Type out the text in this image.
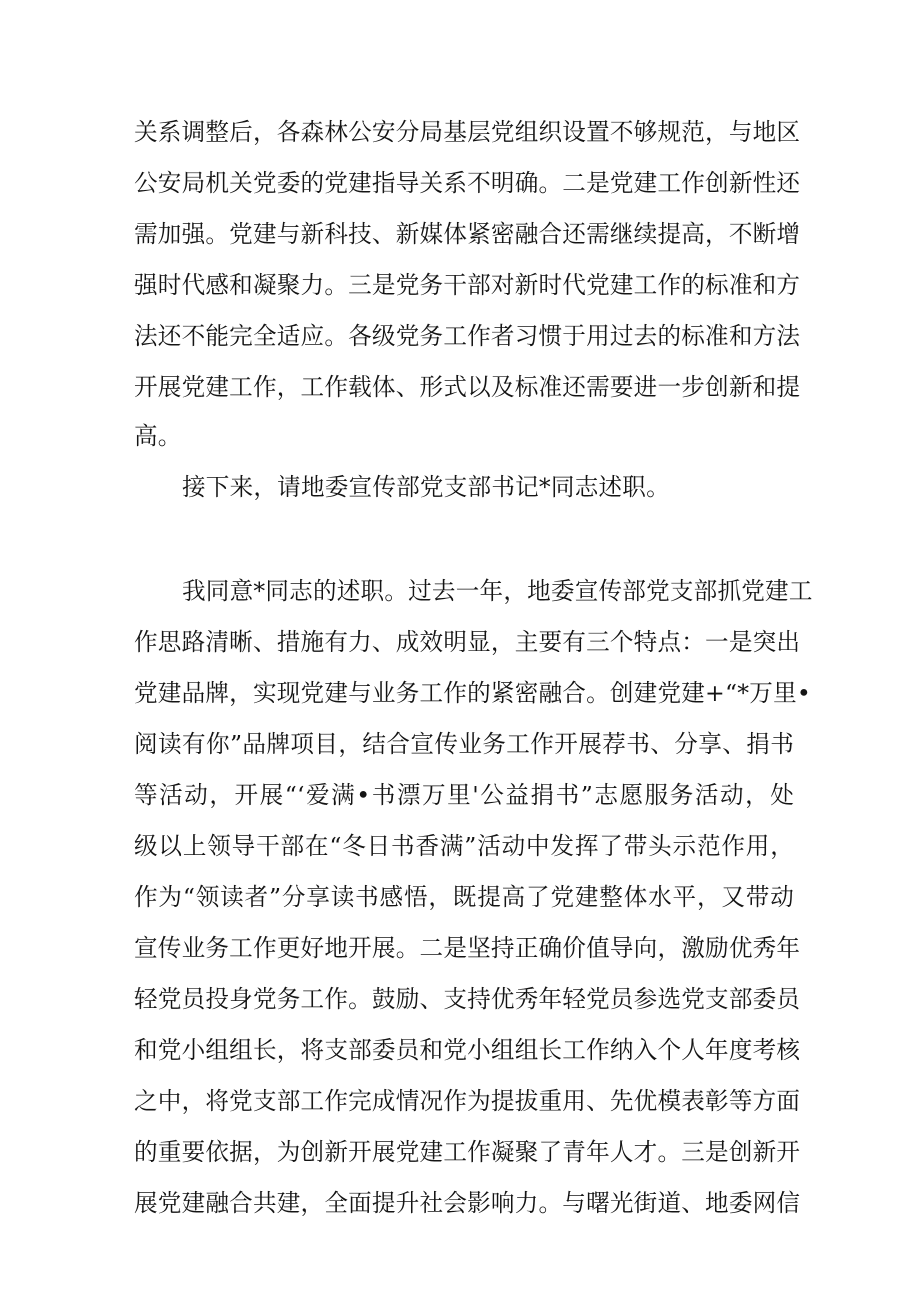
关系调整后，各森林公安分局基层党组织设置不够规范，与地区

公安局机关党委的党建指导关系不明确。二是党建工作创新性还

需加强。党建与新科技、新媒体紧密融合还需继续提高，不断增

强时代感和凝聚力。三是党务干部对新时代党建工作的标准和方

法还不能完全适应。各级党务工作者习惯于用过去的标准和方法

开展党建工作，工作载体、形式以及标准还需要进一步创新和提

高。

接下来，请地委宣传部党支部书记*同志述职。

我同意*同志的述职。过去一年，地委宣传部党支部抓党建工

作思路清晰、措施有力、成效明显，主要有三个特点：一是突出

党建品牌，实现党建与业务工作的紧密融合。创建党建+“*万里•

阅读有你”品牌项目，结合宣传业务工作开展荐书、分享、捐书

等活动，开展“‘爱满•书漂万里'公益捐书”志愿服务活动，处

级以上领导干部在“冬日书香满”活动中发挥了带头示范作用，

作为“领读者”分享读书感悟，既提高了党建整体水平，又带动

宣传业务工作更好地开展。二是坚持正确价值导向，激励优秀年

轻党员投身党务工作。鼓励、支持优秀年轻党员参选党支部委员

和党小组组长，将支部委员和党小组组长工作纳入个人年度考核

之中，将党支部工作完成情况作为提拔重用、先优模表彰等方面

的重要依据，为创新开展党建工作凝聚了青年人才。三是创新开

展党建融合共建，全面提升社会影响力。与曙光街道、地委网信
